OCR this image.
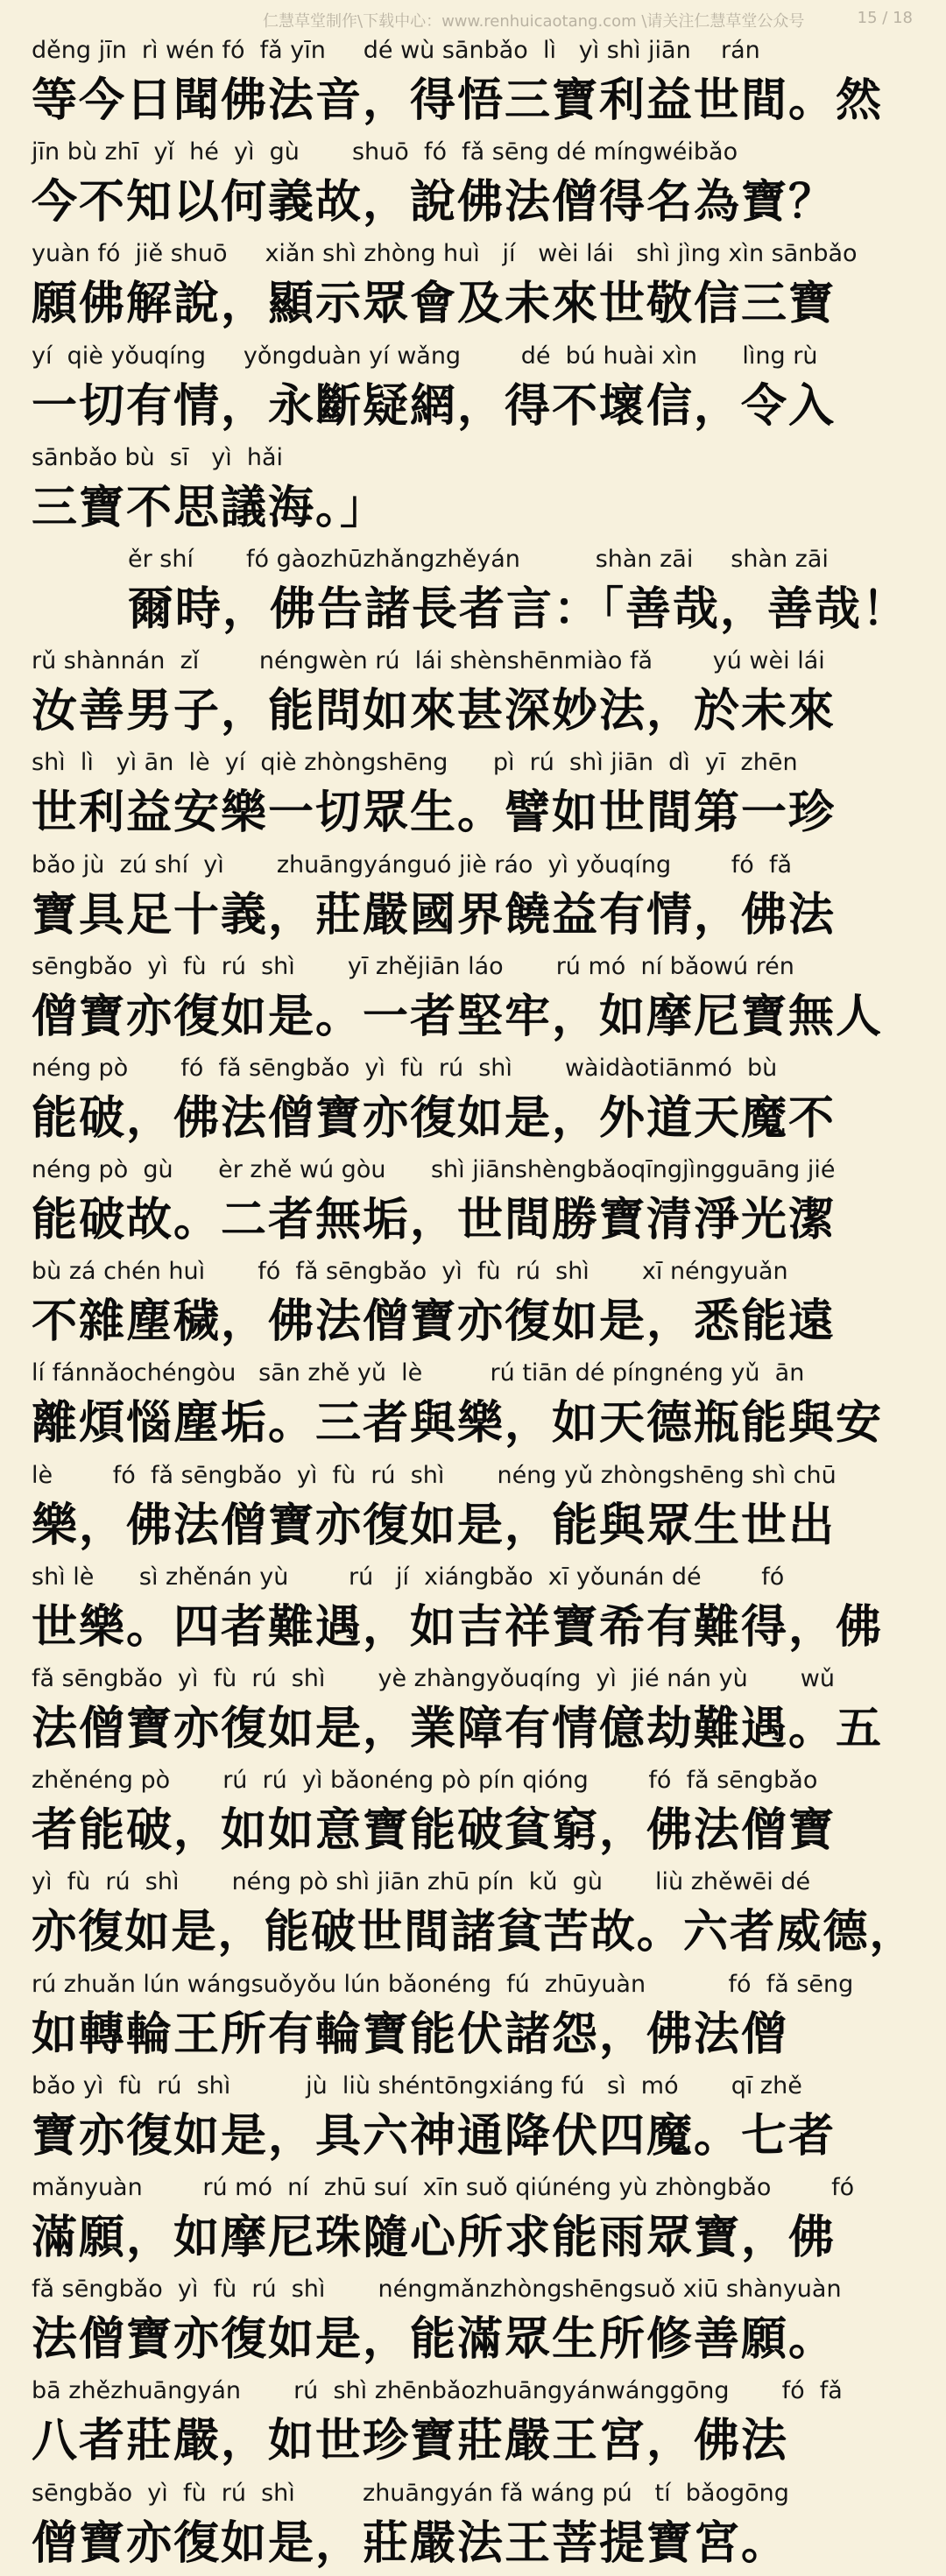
仁慧草堂制作\下载中心：www.renhuicaotang.com \请关注仁慧草堂公众号	15 / 18
děng jīn  rì wén fó  fǎ yīn     dé wù sānbǎo  lì   yì shì jiān    rán
等今日聞佛法音，得悟三寶利益世間。然
jīn bù zhī  yǐ  hé  yì  gù       shuō  fó  fǎ sēng dé míngwéibǎo
今不知以何義故，說佛法僧得名為寶？
yuàn fó  jiě shuō     xiǎn shì zhòng huì   jí   wèi lái   shì jìng xìn sānbǎo
願佛解說，顯示眾會及未來世敬信三寶
yí  qiè yǒuqíng     yǒngduàn yí wǎng        dé  bú huài xìn      lìng rù
一切有情，永斷疑網，得不壞信，令入
sānbǎo bù  sī   yì  hǎi
三寶不思議海。」
ěr shí       fó gàozhūzhǎngzhěyán          shàn zāi     shàn zāi
爾時，佛告諸長者言：「善哉，善哉！
rǔ shànnán  zǐ        néngwèn rú  lái shènshēnmiào fǎ        yú wèi lái
汝善男子，能問如來甚深妙法，於未來
shì  lì   yì ān  lè  yí  qiè zhòngshēng      pì  rú  shì jiān  dì  yī  zhēn
世利益安樂一切眾生。譬如世間第一珍
bǎo jù  zú shí  yì       zhuāngyánguó jiè ráo  yì yǒuqíng        fó  fǎ
寶具足十義，莊嚴國界饒益有情，佛法
sēngbǎo  yì  fù  rú  shì       yī zhějiān láo       rú mó  ní bǎowú rén
僧寶亦復如是。一者堅牢，如摩尼寶無人
néng pò       fó  fǎ sēngbǎo  yì  fù  rú  shì       wàidàotiānmó  bù
能破，佛法僧寶亦復如是，外道天魔不
néng pò  gù      èr zhě wú gòu      shì jiānshèngbǎoqīngjìngguāng jié
能破故。二者無垢，世間勝寶清淨光潔
bù zá chén huì       fó  fǎ sēngbǎo  yì  fù  rú  shì       xī néngyuǎn
不雜塵穢，佛法僧寶亦復如是，悉能遠
lí fánnǎochéngòu   sān zhě yǔ  lè         rú tiān dé píngnéng yǔ  ān
離煩惱塵垢。三者與樂，如天德瓶能與安
lè        fó  fǎ sēngbǎo  yì  fù  rú  shì       néng yǔ zhòngshēng shì chū
樂，佛法僧寶亦復如是，能與眾生世出
shì lè      sì zhěnán yù        rú   jí  xiángbǎo  xī yǒunán dé        fó
世樂。四者難遇，如吉祥寶希有難得，佛
fǎ sēngbǎo  yì  fù  rú  shì       yè zhàngyǒuqíng  yì  jié nán yù       wǔ
法僧寶亦復如是，業障有情億劫難遇。五
zhěnéng pò       rú  rú  yì bǎonéng pò pín qióng        fó  fǎ sēngbǎo
者能破，如如意寶能破貧窮，佛法僧寶
yì  fù  rú  shì       néng pò shì jiān zhū pín  kǔ  gù       liù zhěwēi dé
亦復如是，能破世間諸貧苦故。六者威德，
rú zhuǎn lún wángsuǒyǒu lún bǎonéng  fú  zhūyuàn           fó  fǎ sēng
如轉輪王所有輪寶能伏諸怨，佛法僧
bǎo yì  fù  rú  shì          jù  liù shéntōngxiáng fú   sì  mó       qī zhě
寶亦復如是，具六神通降伏四魔。七者
mǎnyuàn        rú mó  ní  zhū suí  xīn suǒ qiúnéng yù zhòngbǎo        fó
滿願，如摩尼珠隨心所求能雨眾寶，佛
fǎ sēngbǎo  yì  fù  rú  shì       néngmǎnzhòngshēngsuǒ xiū shànyuàn
法僧寶亦復如是，能滿眾生所修善願。
bā zhězhuāngyán       rú  shì zhēnbǎozhuāngyánwánggōng       fó  fǎ
八者莊嚴，如世珍寶莊嚴王宮，佛法
sēngbǎo  yì  fù  rú  shì         zhuāngyán fǎ wáng pú   tí  bǎogōng
僧寶亦復如是，莊嚴法王菩提寶宮。
